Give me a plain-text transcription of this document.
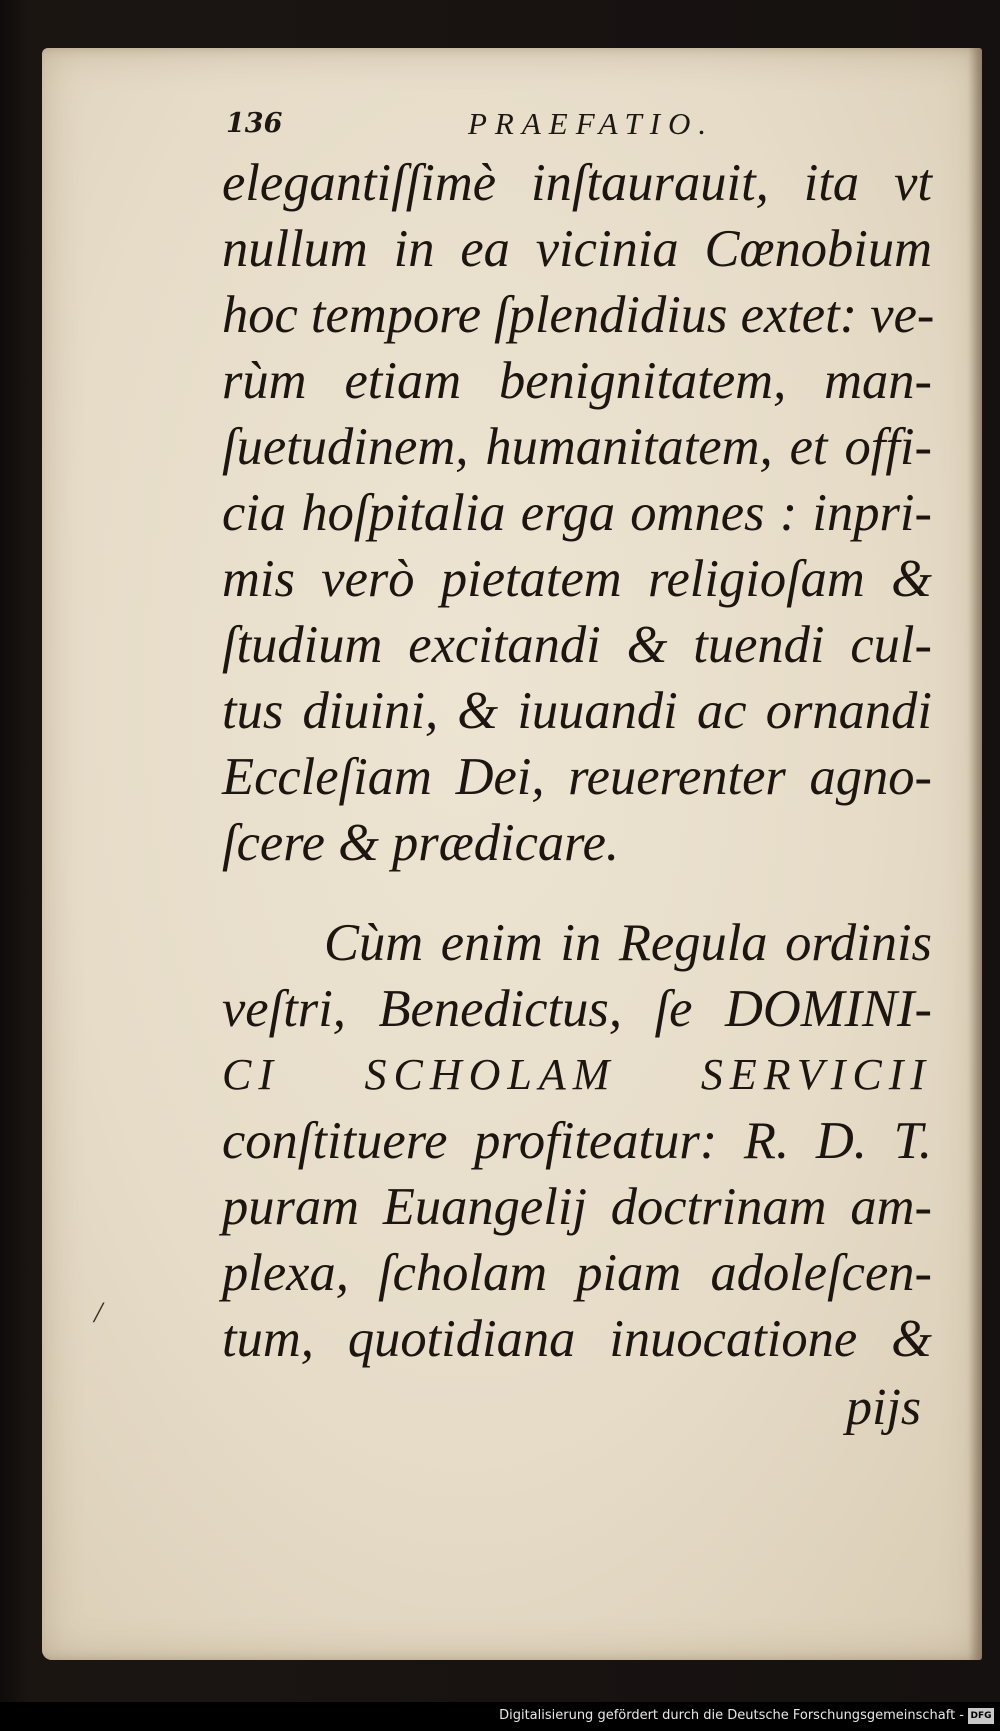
136	PRAEFATIO.
elegantiſſimè inſtaurauit, ita vt
nullum in ea vicinia Cœnobium
hoc tempore ſplendidius extet: ve-
rùm etiam benignitatem, man-
ſuetudinem, humanitatem, et offi-
cia hoſpitalia erga omnes : inpri-
mis verò pietatem religioſam &
ſtudium excitandi & tuendi cul-
tus diuini, & iuuandi ac ornandi
Eccleſiam Dei, reuerenter agno-
ſcere & prædicare.
Cùm enim in Regula ordinis
veſtri, Benedictus, ſe DOMINI-
CI SCHOLAM SERVICII
conſtituere profiteatur: R. D. T.
puram Euangelij doctrinam am-
plexa, ſcholam piam adoleſcen-
tum, quotidiana inuocatione &
pijs
/
Digitalisierung gefördert durch die Deutsche Forschungsgemeinschaft - DFG
